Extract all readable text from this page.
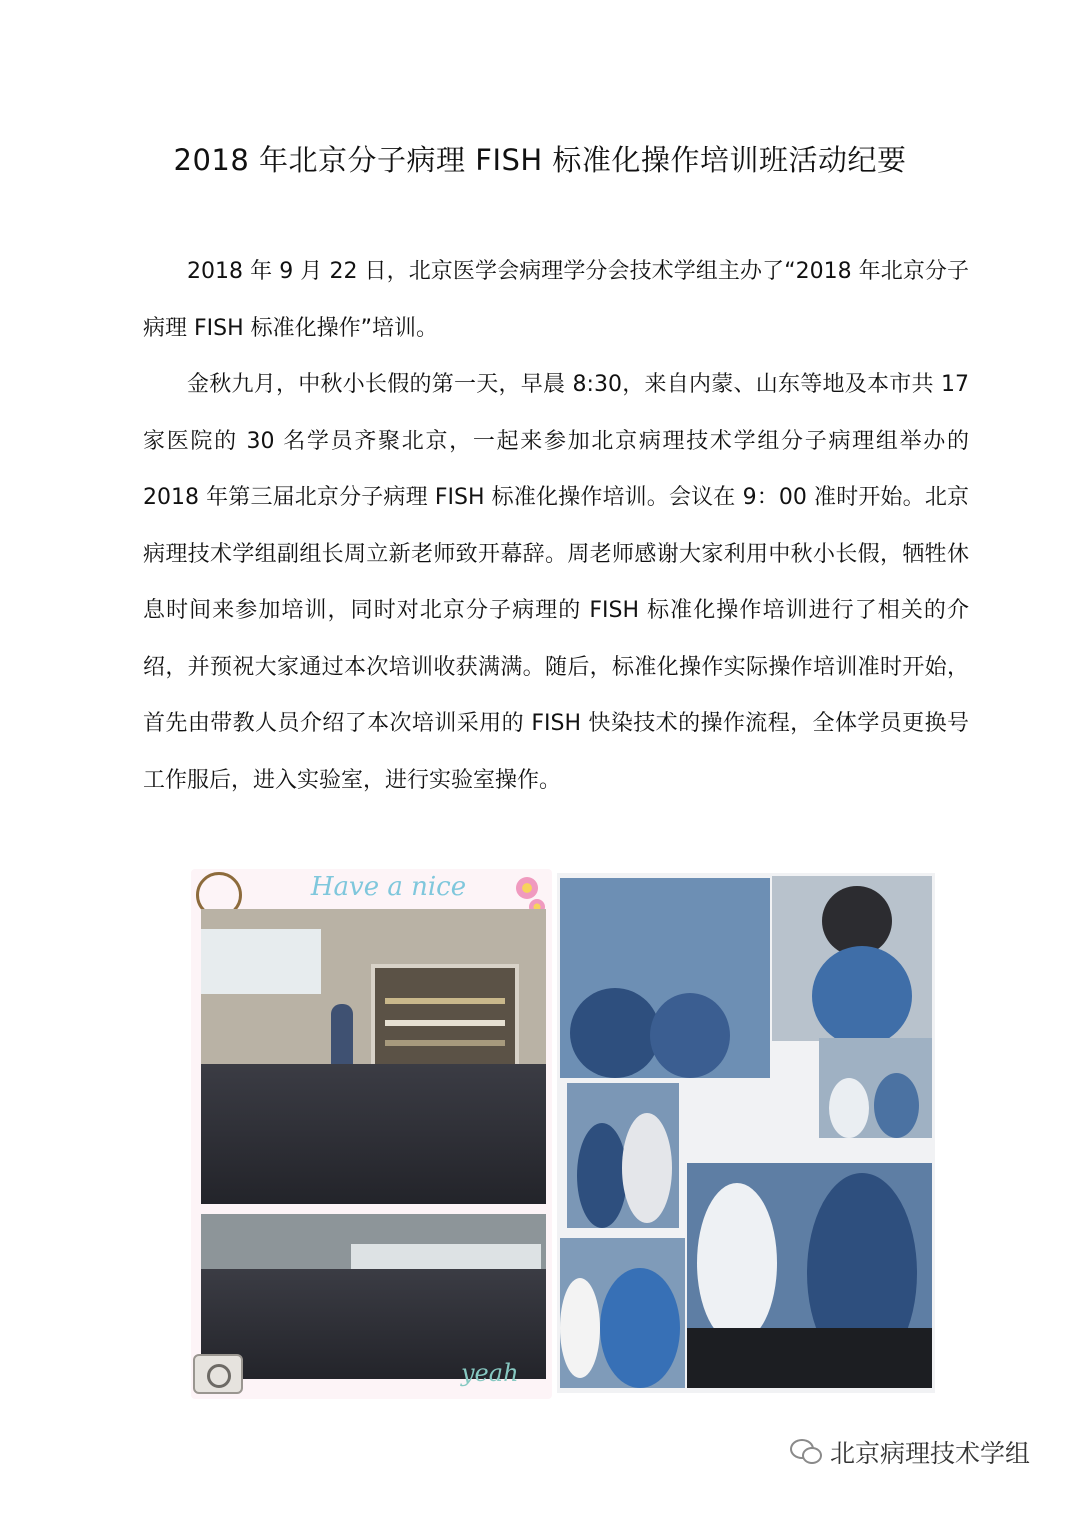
2018 年北京分子病理 FISH 标准化操作培训班活动纪要

2018 年 9 月 22 日，北京医学会病理学分会技术学组主办了“2018 年北京分子病理 FISH 标准化操作”培训。

金秋九月，中秋小长假的第一天，早晨 8:30，来自内蒙、山东等地及本市共 17 家医院的 30 名学员齐聚北京，一起来参加北京病理技术学组分子病理组举办的 2018 年第三届北京分子病理 FISH 标准化操作培训。会议在 9：00 准时开始。北京病理技术学组副组长周立新老师致开幕辞。周老师感谢大家利用中秋小长假，牺牲休息时间来参加培训，同时对北京分子病理的 FISH 标准化操作培训进行了相关的介绍，并预祝大家通过本次培训收获满满。随后，标准化操作实际操作培训准时开始，首先由带教人员介绍了本次培训采用的 FISH 快染技术的操作流程，全体学员更换号工作服后，进入实验室，进行实验室操作。

Have a nice
yeah
北京病理技术学组
